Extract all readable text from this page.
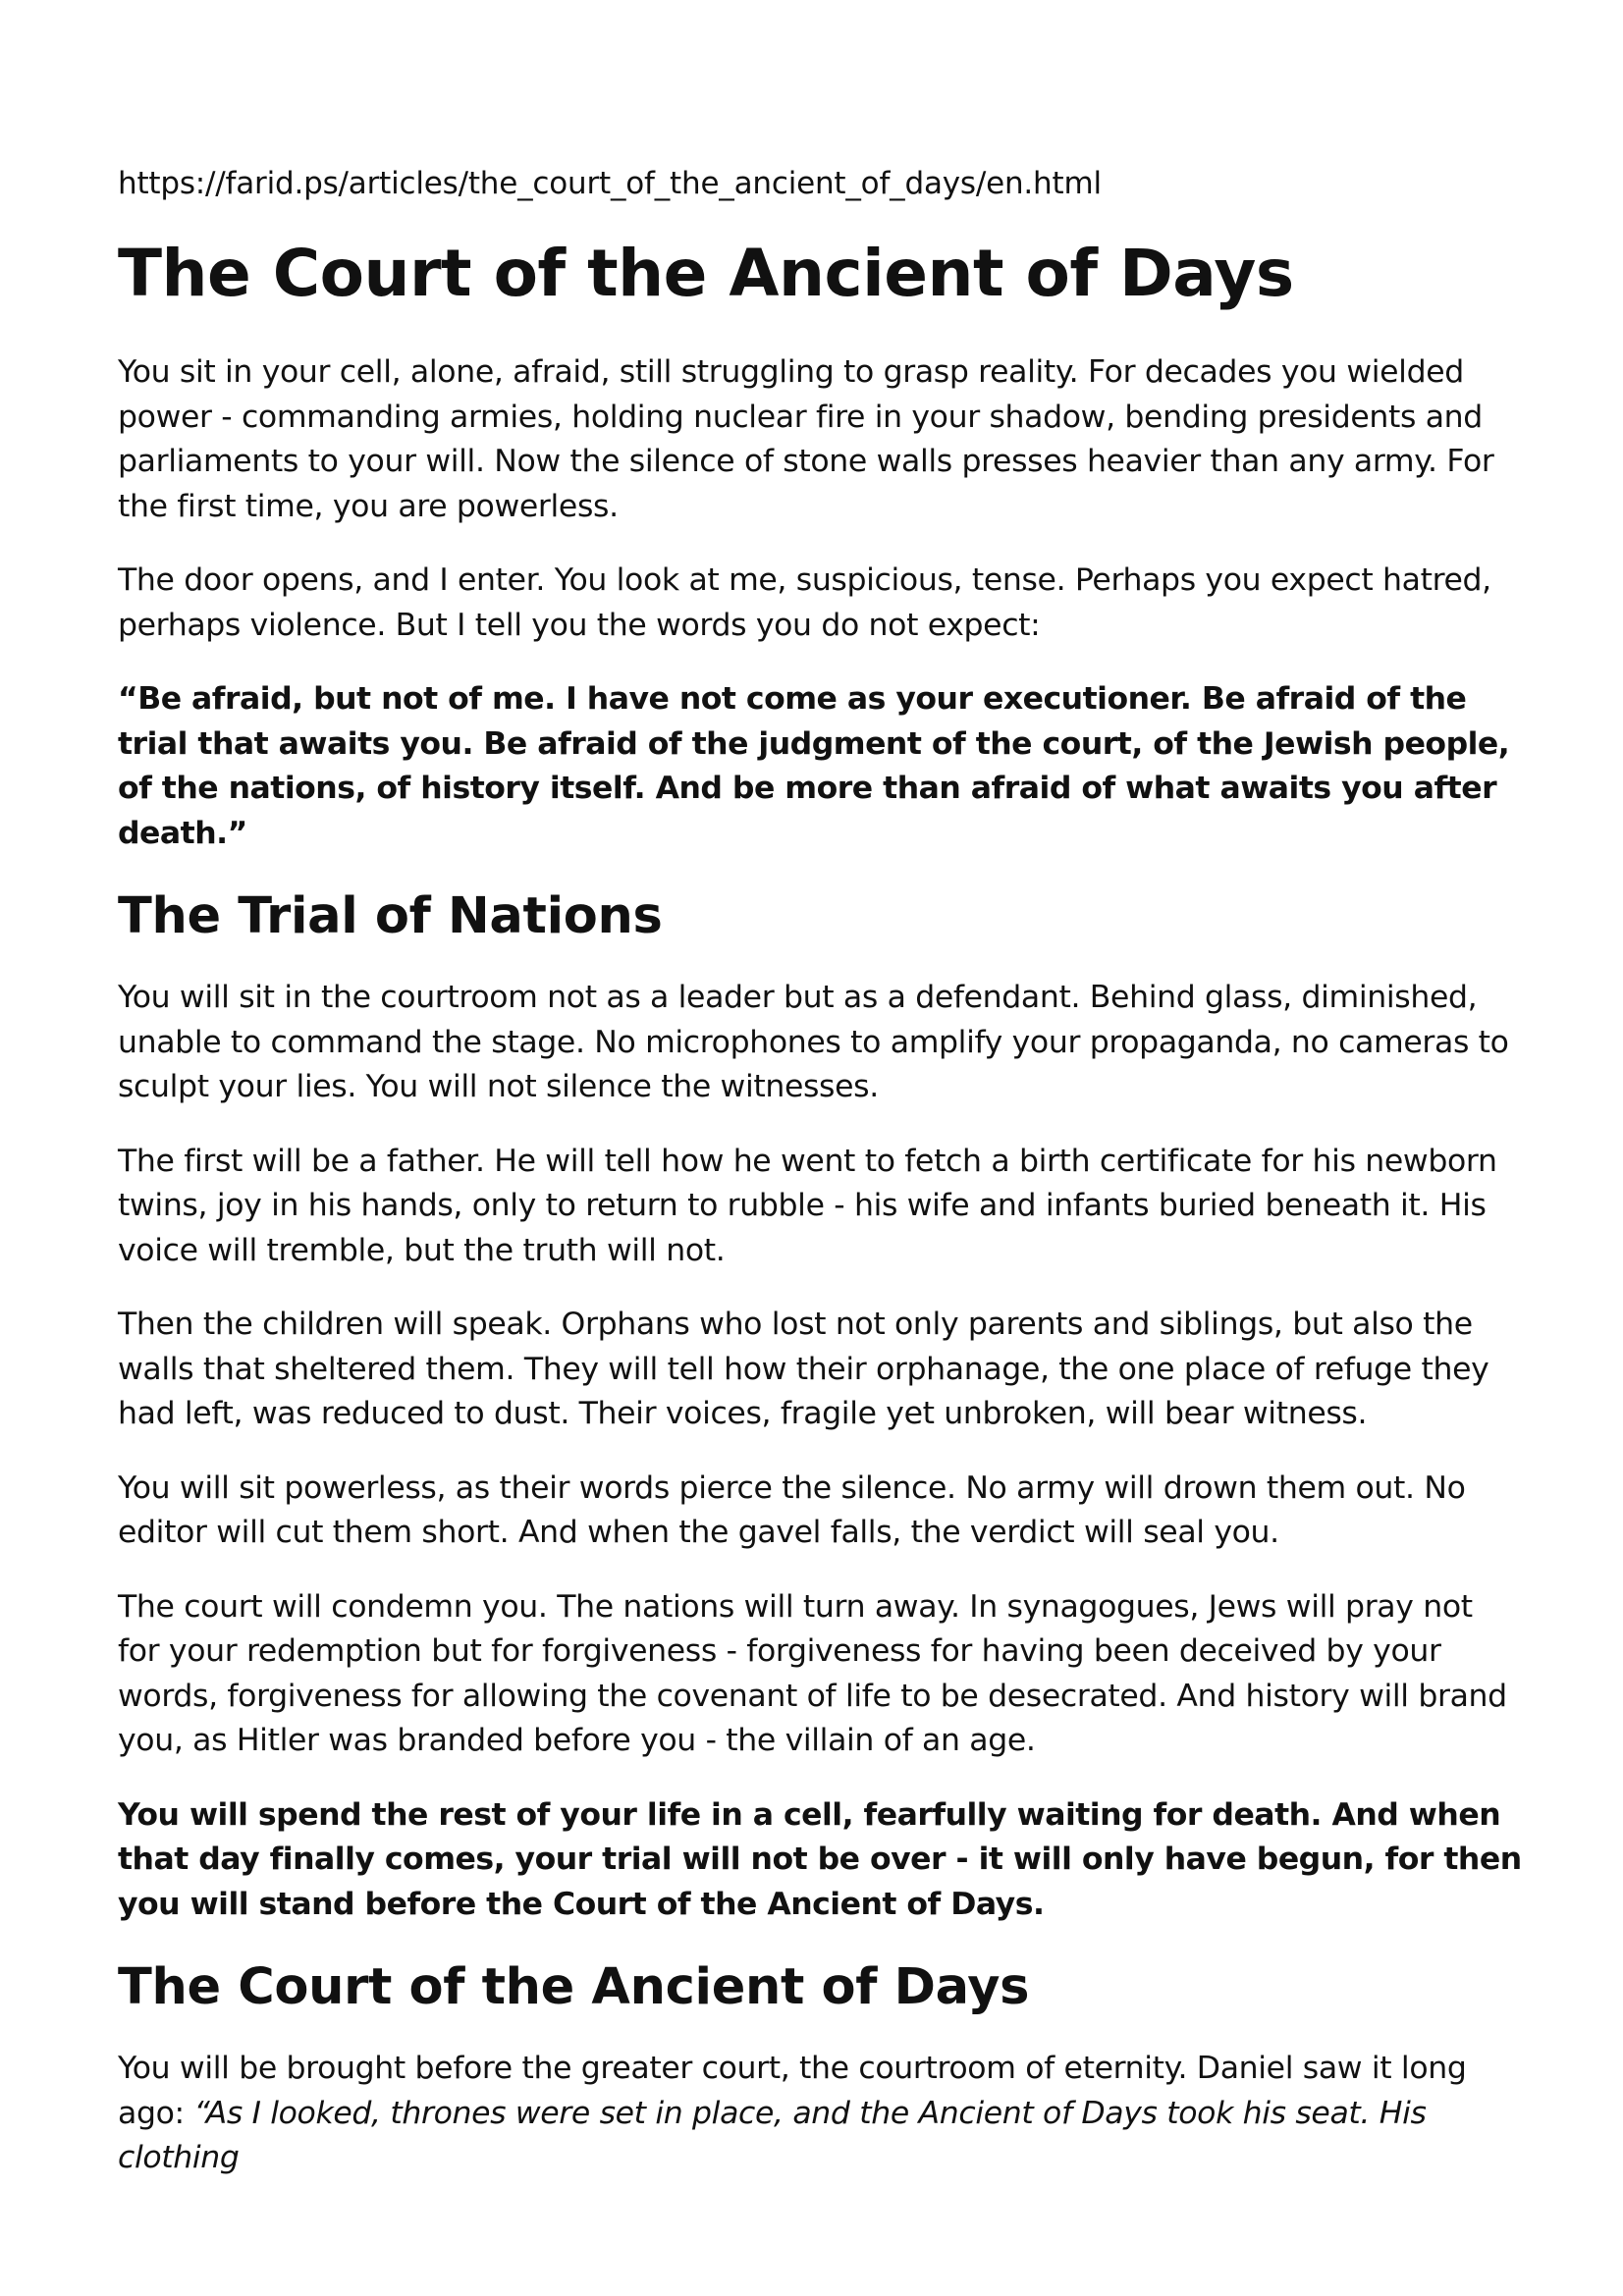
https://farid.ps/articles/the_court_of_the_ancient_of_days/en.html
The Court of the Ancient of Days

You sit in your cell, alone, afraid, still struggling to grasp reality. For decades you wielded power - commanding armies, holding nuclear fire in your shadow, bending presidents and parliaments to your will. Now the silence of stone walls presses heavier than any army. For the first time, you are powerless.

The door opens, and I enter. You look at me, suspicious, tense. Perhaps you expect hatred, perhaps violence. But I tell you the words you do not expect:

“Be afraid, but not of me. I have not come as your executioner. Be afraid of the trial that awaits you. Be afraid of the judgment of the court, of the Jewish people, of the nations, of history itself. And be more than afraid of what awaits you after death.”

The Trial of Nations

You will sit in the courtroom not as a leader but as a defendant. Behind glass, diminished, unable to command the stage. No microphones to amplify your propaganda, no cameras to sculpt your lies. You will not silence the witnesses.

The first will be a father. He will tell how he went to fetch a birth certificate for his newborn twins, joy in his hands, only to return to rubble - his wife and infants buried beneath it. His voice will tremble, but the truth will not.

Then the children will speak. Orphans who lost not only parents and siblings, but also the walls that sheltered them. They will tell how their orphanage, the one place of refuge they had left, was reduced to dust. Their voices, fragile yet unbroken, will bear witness.

You will sit powerless, as their words pierce the silence. No army will drown them out. No editor will cut them short. And when the gavel falls, the verdict will seal you.

The court will condemn you. The nations will turn away. In synagogues, Jews will pray not for your redemption but for forgiveness - forgiveness for having been deceived by your words, forgiveness for allowing the covenant of life to be desecrated. And history will brand you, as Hitler was branded before you - the villain of an age.

You will spend the rest of your life in a cell, fearfully waiting for death. And when that day finally comes, your trial will not be over - it will only have begun, for then you will stand before the Court of the Ancient of Days.

The Court of the Ancient of Days

You will be brought before the greater court, the courtroom of eternity. Daniel saw it long ago: “As I looked, thrones were set in place, and the Ancient of Days took his seat. His clothing
